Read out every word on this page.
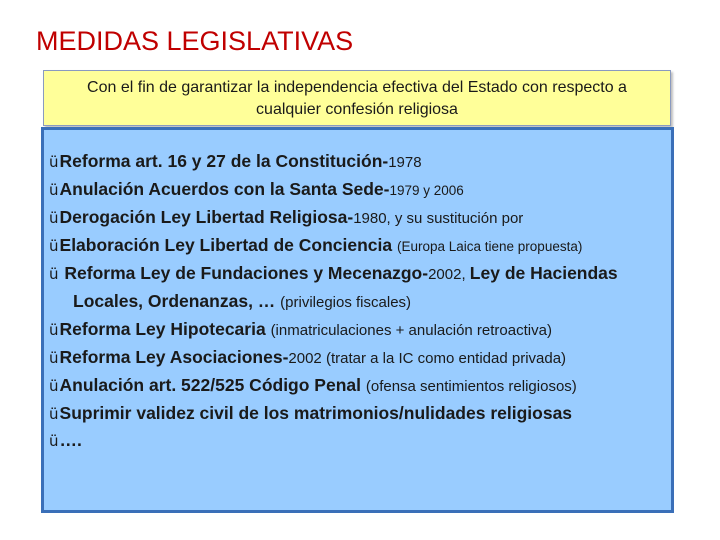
MEDIDAS LEGISLATIVAS
Con el fin de garantizar la independencia efectiva del Estado con respecto a
cualquier confesión religiosa
üReforma art. 16 y 27 de la Constitución-1978
üAnulación Acuerdos con la Santa Sede-1979 y 2006
üDerogación Ley Libertad Religiosa-1980, y su sustitución por
üElaboración Ley Libertad de Conciencia (Europa Laica tiene propuesta)
ü Reforma Ley de Fundaciones y Mecenazgo-2002, Ley de Haciendas
Locales, Ordenanzas, … (privilegios fiscales)
üReforma Ley Hipotecaria (inmatriculaciones + anulación retroactiva)
üReforma Ley Asociaciones-2002 (tratar a la IC como entidad privada)
üAnulación art. 522/525 Código Penal (ofensa sentimientos religiosos)
üSuprimir validez civil de los matrimonios/nulidades religiosas
ü….
